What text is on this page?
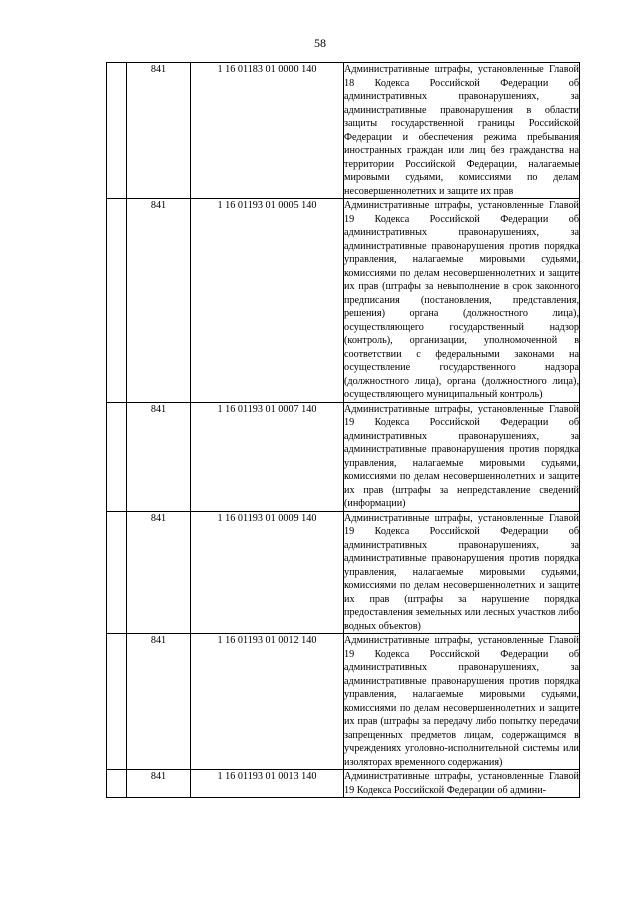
58
	841	1 16 01183 01 0000 140	Административные штрафы, установленные Главой 18 Кодекса Российской Федерации об административных правонарушениях, за административные правонарушения в области защиты государственной границы Российской Федерации и обеспечения режима пребывания иностранных граждан или лиц без гражданства на территории Российской Федерации, налагаемые мировыми судьями, комиссиями по делам несовершеннолетних и защите их прав

	841	1 16 01193 01 0005 140	Административные штрафы, установленные Главой 19 Кодекса Российской Федерации об административных правонарушениях, за административные правонарушения против порядка управления, налагаемые мировыми судьями, комиссиями по делам несовершеннолетних и защите их прав (штрафы за невыполнение в срок законного предписания (постановления, представления, решения) органа (должностного лица), осуществляющего государственный надзор (контроль), организации, уполномоченной в соответствии с федеральными законами на осуществление государственного надзора (должностного лица), органа (должностного лица), осуществляющего муниципальный контроль)

	841	1 16 01193 01 0007 140	Административные штрафы, установленные Главой 19 Кодекса Российской Федерации об административных правонарушениях, за административные правонарушения против порядка управления, налагаемые мировыми судьями, комиссиями по делам несовершеннолетних и защите их прав (штрафы за непредставление сведений (информации)

	841	1 16 01193 01 0009 140	Административные штрафы, установленные Главой 19 Кодекса Российской Федерации об административных правонарушениях, за административные правонарушения против порядка управления, налагаемые мировыми судьями, комиссиями по делам несовершеннолетних и защите их прав (штрафы за нарушение порядка предоставления земельных или лесных участков либо водных объектов)

	841	1 16 01193 01 0012 140	Административные штрафы, установленные Главой 19 Кодекса Российской Федерации об административных правонарушениях, за административные правонарушения против порядка управления, налагаемые мировыми судьями, комиссиями по делам несовершеннолетних и защите их прав (штрафы за передачу либо попытку передачи запрещенных предметов лицам, содержащимся в учреждениях уголовно-исполнительной системы или изоляторах временного содержания)

	841	1 16 01193 01 0013 140	Административные штрафы, установленные Главой 19 Кодекса Российской Федерации об админи-
